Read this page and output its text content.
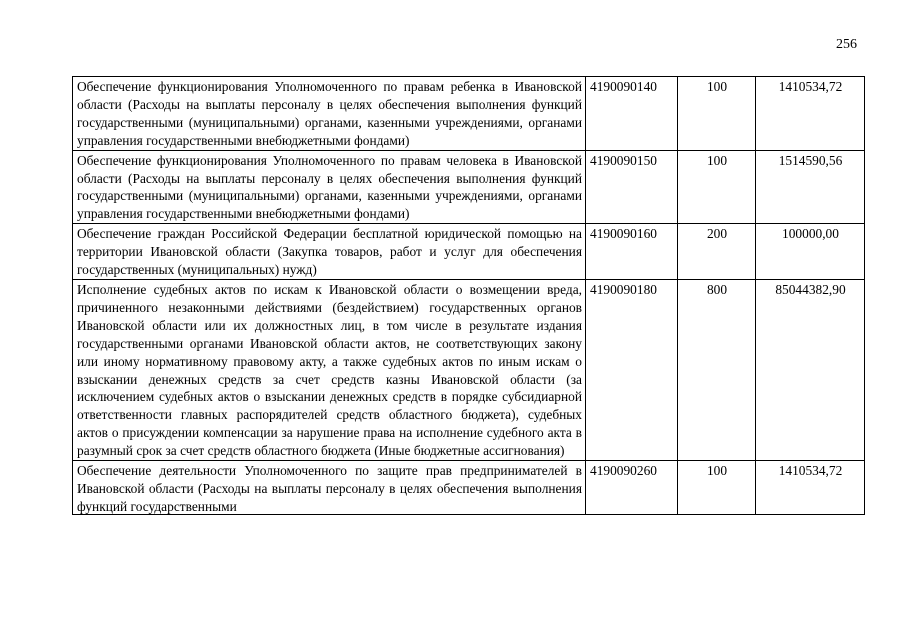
256
Обеспечение функционирования Уполномоченного по правам ребенка в Ивановской области (Расходы на выплаты персоналу в целях обеспечения выполнения функций государственными (муниципальными) органами, казенными учреждениями, органами управления государственными внебюджетными фондами)	4190090140	100	1410534,72
Обеспечение функционирования Уполномоченного по правам человека в Ивановской области (Расходы на выплаты персоналу в целях обеспечения выполнения функций государственными (муниципальными) органами, казенными учреждениями, органами управления государственными внебюджетными фондами)	4190090150	100	1514590,56
Обеспечение граждан Российской Федерации бесплатной юридической помощью на территории Ивановской области (Закупка товаров, работ и услуг для обеспечения государственных (муниципальных) нужд)	4190090160	200	100000,00
Исполнение судебных актов по искам к Ивановской области о возмещении вреда, причиненного незаконными действиями (бездействием) государственных органов Ивановской области или их должностных лиц, в том числе в результате издания государственными органами Ивановской области актов, не соответствующих закону или иному нормативному правовому акту, а также судебных актов по иным искам о взыскании денежных средств за счет средств казны Ивановской области (за исключением судебных актов о взыскании денежных средств в порядке субсидиарной ответственности главных распорядителей средств областного бюджета), судебных актов о присуждении компенсации за нарушение права на исполнение судебного акта в разумный срок за счет средств областного бюджета (Иные бюджетные ассигнования)	4190090180	800	85044382,90

Обеспечение деятельности Уполномоченного по защите прав предпринимателей в Ивановской области (Расходы на выплаты персоналу в целях обеспечения выполнения функций государственными	4190090260	100	1410534,72
